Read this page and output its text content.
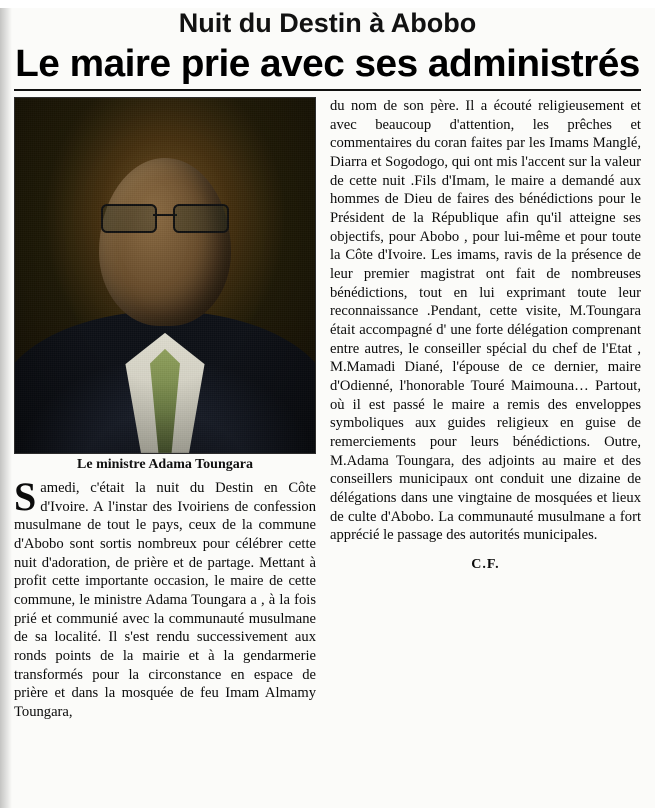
Nuit du Destin à Abobo
Le maire prie avec ses administrés
Le ministre Adama Toungara

Samedi, c'était la nuit du Destin en Côte d'Ivoire. A l'instar des Ivoiriens de confession musulmane de tout le pays, ceux de la commune d'Abobo sont sortis nombreux pour célébrer cette nuit d'adoration, de prière et de partage. Mettant à profit cette importante occasion, le maire de cette commune, le ministre Adama Toungara a , à la fois prié et communié avec la communauté musulmane de sa localité. Il s'est rendu successivement aux ronds points de la mairie et à la gendarmerie transformés pour la circonstance en espace de prière et dans la mosquée de feu Imam Almamy Toungara,

du nom de son père. Il a écouté religieusement et avec beaucoup d'attention, les prêches et commentaires du coran faites par les Imams Manglé, Diarra et Sogodogo, qui ont mis l'accent sur la valeur de cette nuit .Fils d'Imam, le maire a demandé aux hommes de Dieu de faires des bénédictions pour le Président de la République afin qu'il atteigne ses objectifs, pour Abobo , pour lui-même et pour toute la Côte d'Ivoire. Les imams, ravis de la présence de leur premier magistrat ont fait de nombreuses bénédictions, tout en lui exprimant toute leur reconnaissance .Pendant, cette visite, M.Toungara était accompagné d' une forte délégation comprenant entre autres, le conseiller spécial du chef de l'Etat , M.Mamadi Diané, l'épouse de ce dernier, maire d'Odienné, l'honorable Touré Maimouna… Partout, où il est passé le maire a remis des enveloppes symboliques aux guides religieux en guise de remerciements pour leurs bénédictions. Outre, M.Adama Toungara, des adjoints au maire et des conseillers municipaux ont conduit une dizaine de délégations dans une vingtaine de mosquées et lieux de culte d'Abobo. La communauté musulmane a fort apprécié le passage des autorités municipales.

C.F.
